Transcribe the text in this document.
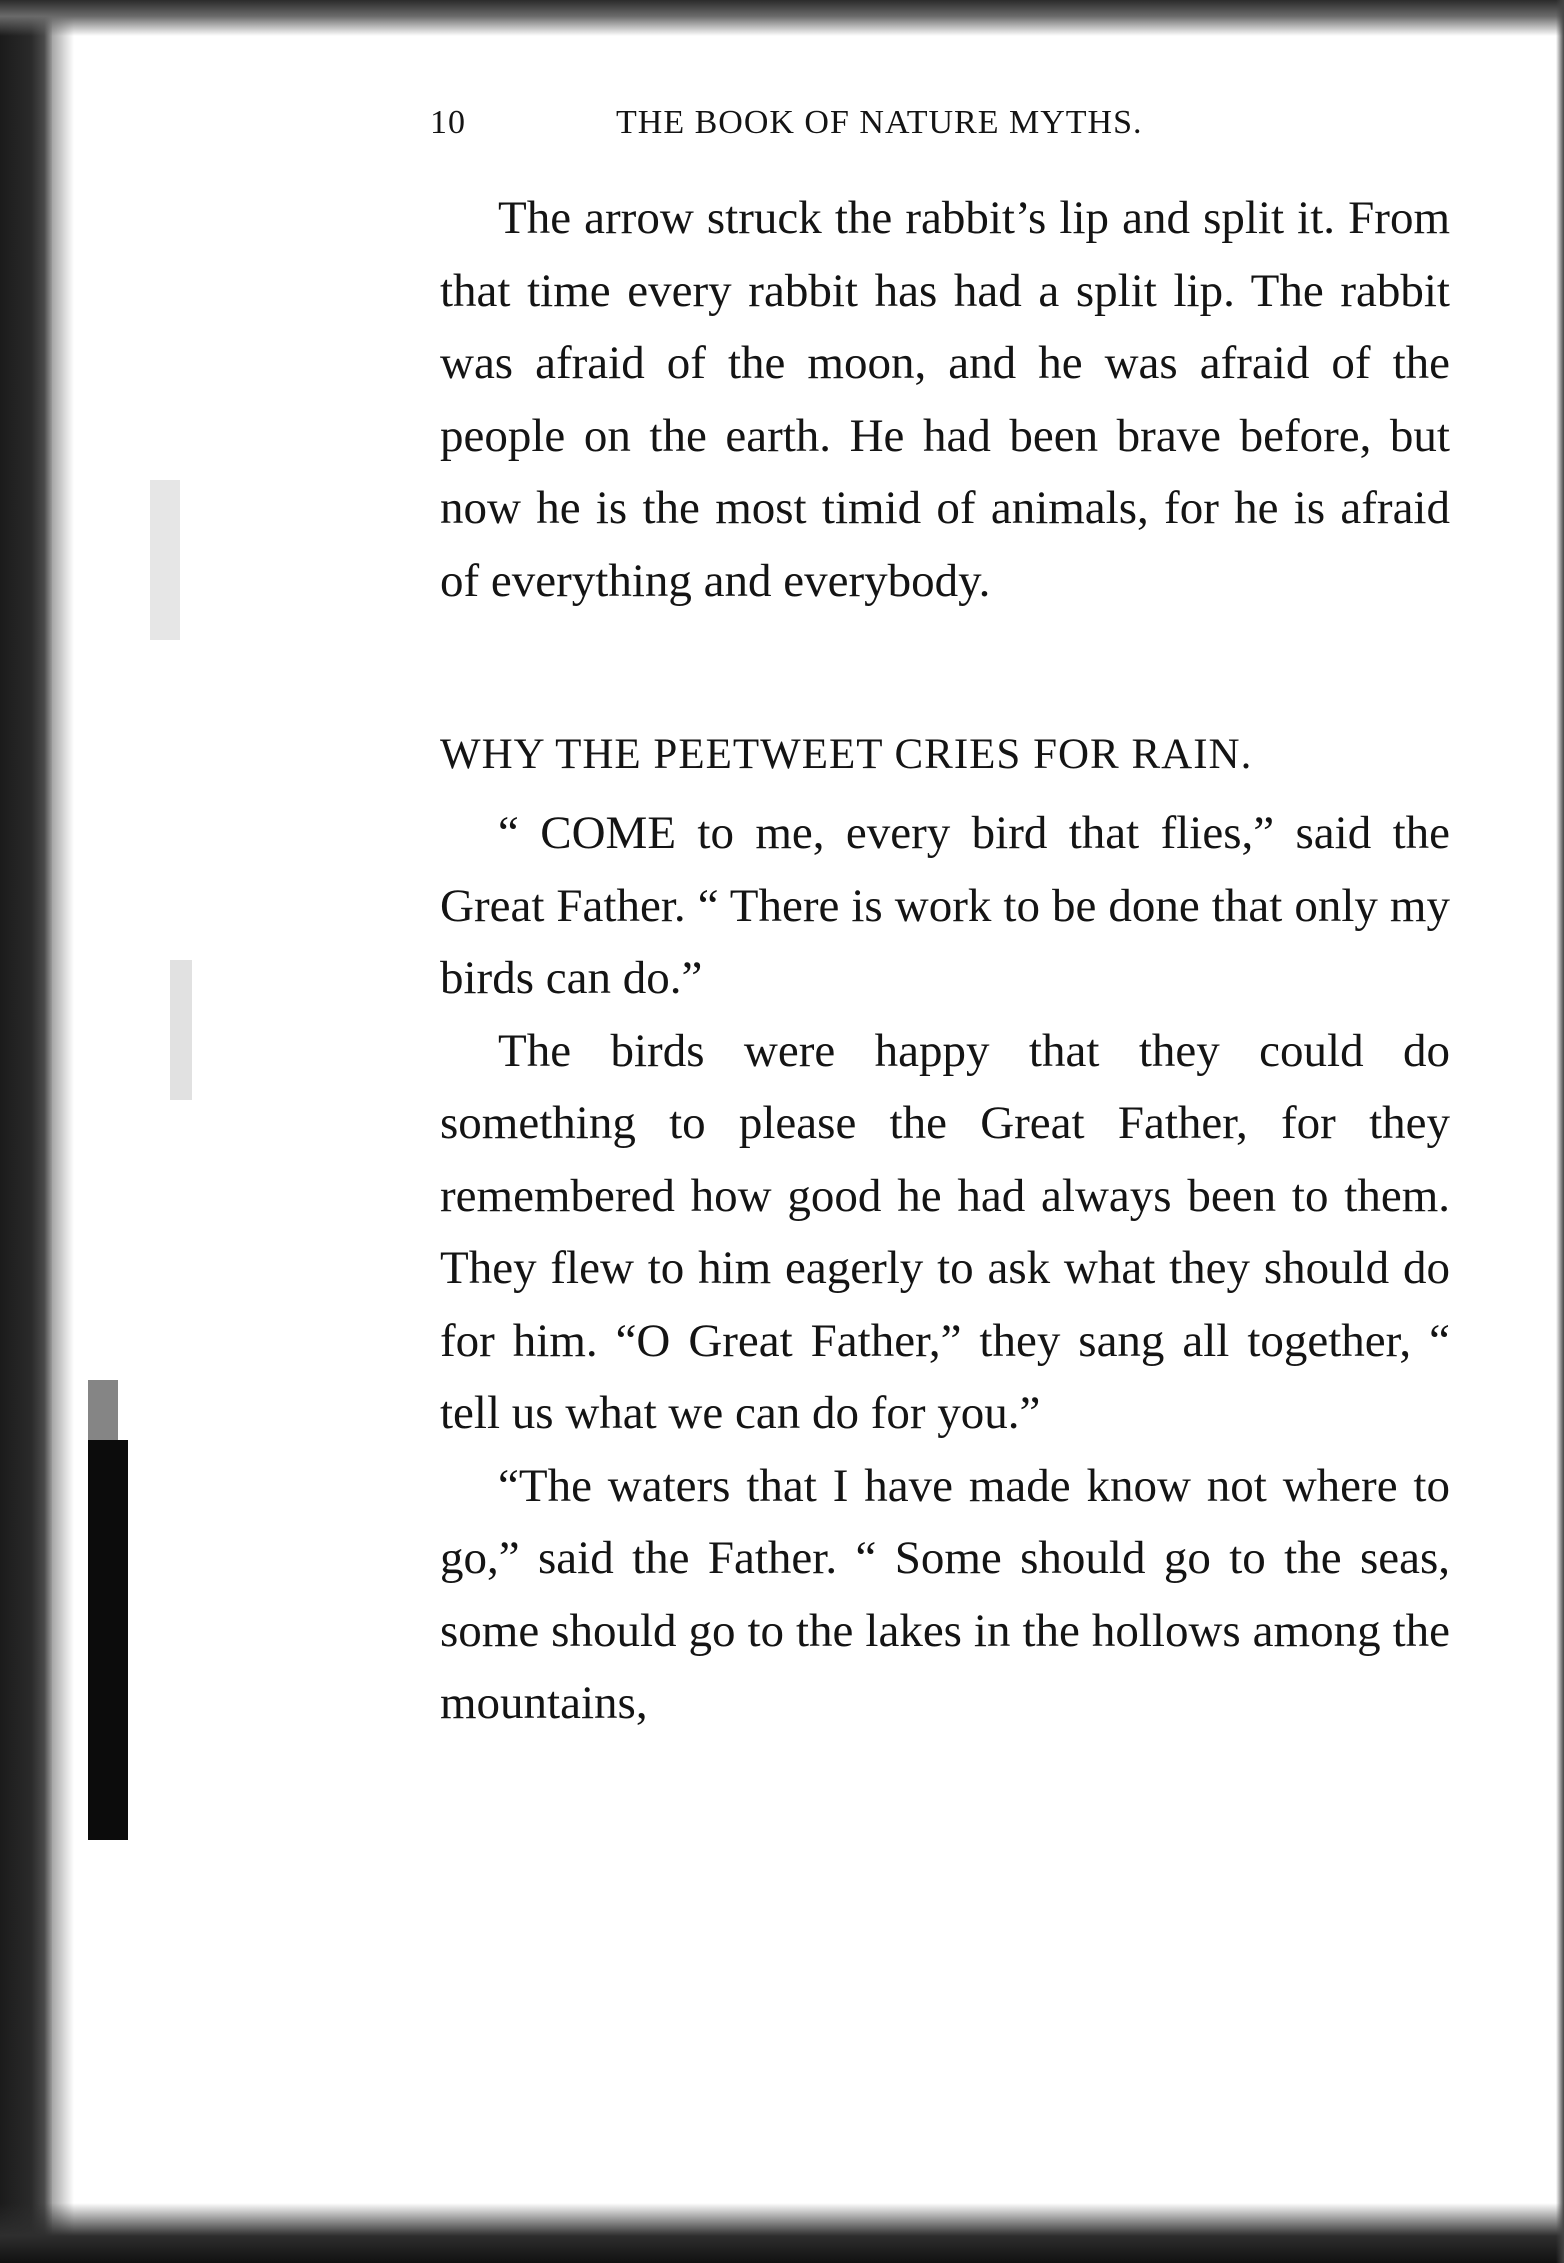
10	THE BOOK OF NATURE MYTHS.

The arrow struck the rabbit’s lip and split it. From that time every rabbit has had a split lip. The rabbit was afraid of the moon, and he was afraid of the people on the earth. He had been brave before, but now he is the most timid of animals, for he is afraid of everything and everybody.

WHY THE PEETWEET CRIES FOR RAIN.

“ COME to me, every bird that flies,” said the Great Father. “ There is work to be done that only my birds can do.”

The birds were happy that they could do something to please the Great Father, for they remembered how good he had always been to them. They flew to him eagerly to ask what they should do for him. “O Great Father,” they sang all together, “ tell us what we can do for you.”

“The waters that I have made know not where to go,” said the Father. “ Some should go to the seas, some should go to the lakes in the hollows among the mountains,
